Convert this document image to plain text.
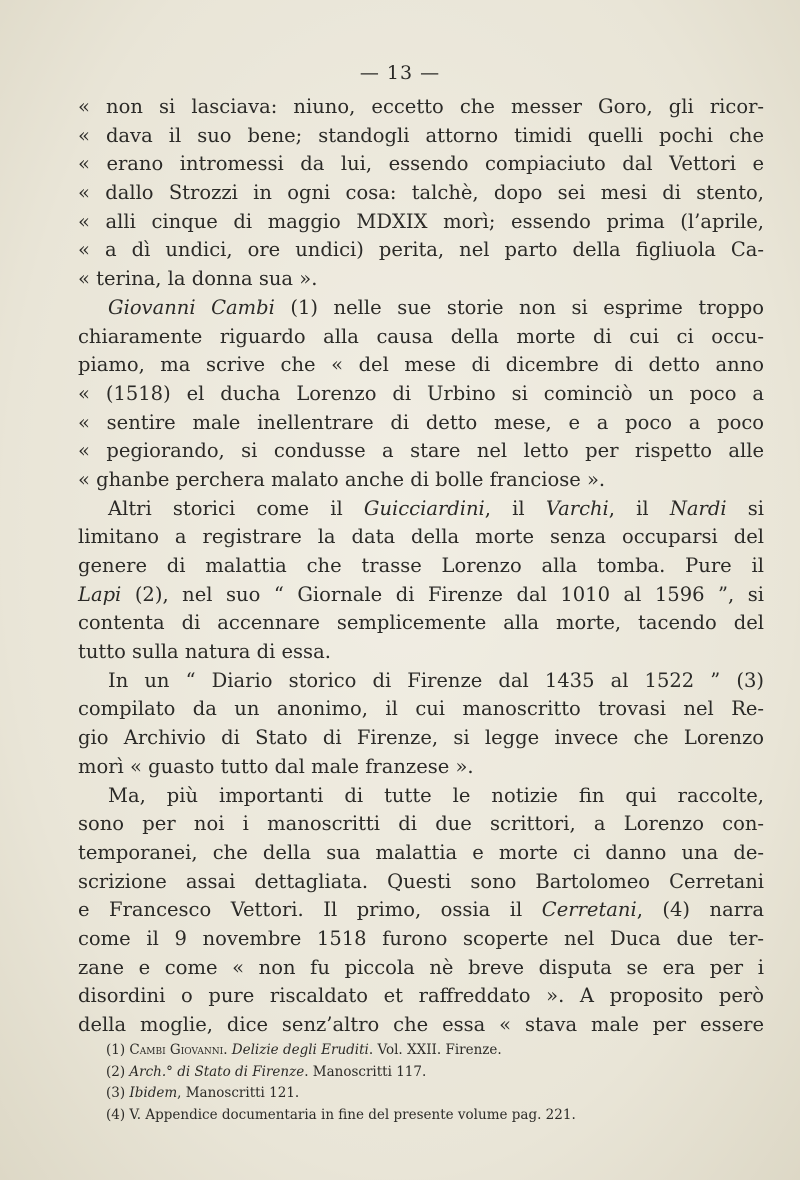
— 13 —
« non si lasciava: niuno, eccetto che messer Goro, gli ricor-
« dava il suo bene; standogli attorno timidi quelli pochi che
« erano intromessi da lui, essendo compiaciuto dal Vettori e
« dallo Strozzi in ogni cosa: talchè, dopo sei mesi di stento,
« alli cinque di maggio MDXIX morì; essendo prima (l’aprile,
« a dì undici, ore undici) perita, nel parto della figliuola Ca-
« terina, la donna sua ».
Giovanni Cambi (1) nelle sue storie non si esprime troppo
chiaramente riguardo alla causa della morte di cui ci occu-
piamo, ma scrive che « del mese di dicembre di detto anno
« (1518) el ducha Lorenzo di Urbino si cominciò un poco a
« sentire male inellentrare di detto mese, e a poco a poco
« pegiorando, si condusse a stare nel letto per rispetto alle
« ghanbe perchera malato anche di bolle franciose ».
Altri storici come il Guicciardini, il Varchi, il Nardi si
limitano a registrare la data della morte senza occuparsi del
genere di malattia che trasse Lorenzo alla tomba. Pure il
Lapi (2), nel suo “ Giornale di Firenze dal 1010 al 1596 ”, si
contenta di accennare semplicemente alla morte, tacendo del
tutto sulla natura di essa.
In un “ Diario storico di Firenze dal 1435 al 1522 ” (3)
compilato da un anonimo, il cui manoscritto trovasi nel Re-
gio Archivio di Stato di Firenze, si legge invece che Lorenzo
morì « guasto tutto dal male franzese ».
Ma, più importanti di tutte le notizie fin qui raccolte,
sono per noi i manoscritti di due scrittori, a Lorenzo con-
temporanei, che della sua malattia e morte ci danno una de-
scrizione assai dettagliata. Questi sono Bartolomeo Cerretani
e Francesco Vettori. Il primo, ossia il Cerretani, (4) narra
come il 9 novembre 1518 furono scoperte nel Duca due ter-
zane e come « non fu piccola nè breve disputa se era per i
disordini o pure riscaldato et raffreddato ». A proposito però
della moglie, dice senz’altro che essa « stava male per essere
(1) Cambi Giovanni. Delizie degli Eruditi. Vol. XXII. Firenze.
(2) Arch.° di Stato di Firenze. Manoscritti 117.
(3) Ibidem, Manoscritti 121.
(4) V. Appendice documentaria in fine del presente volume pag. 221.
